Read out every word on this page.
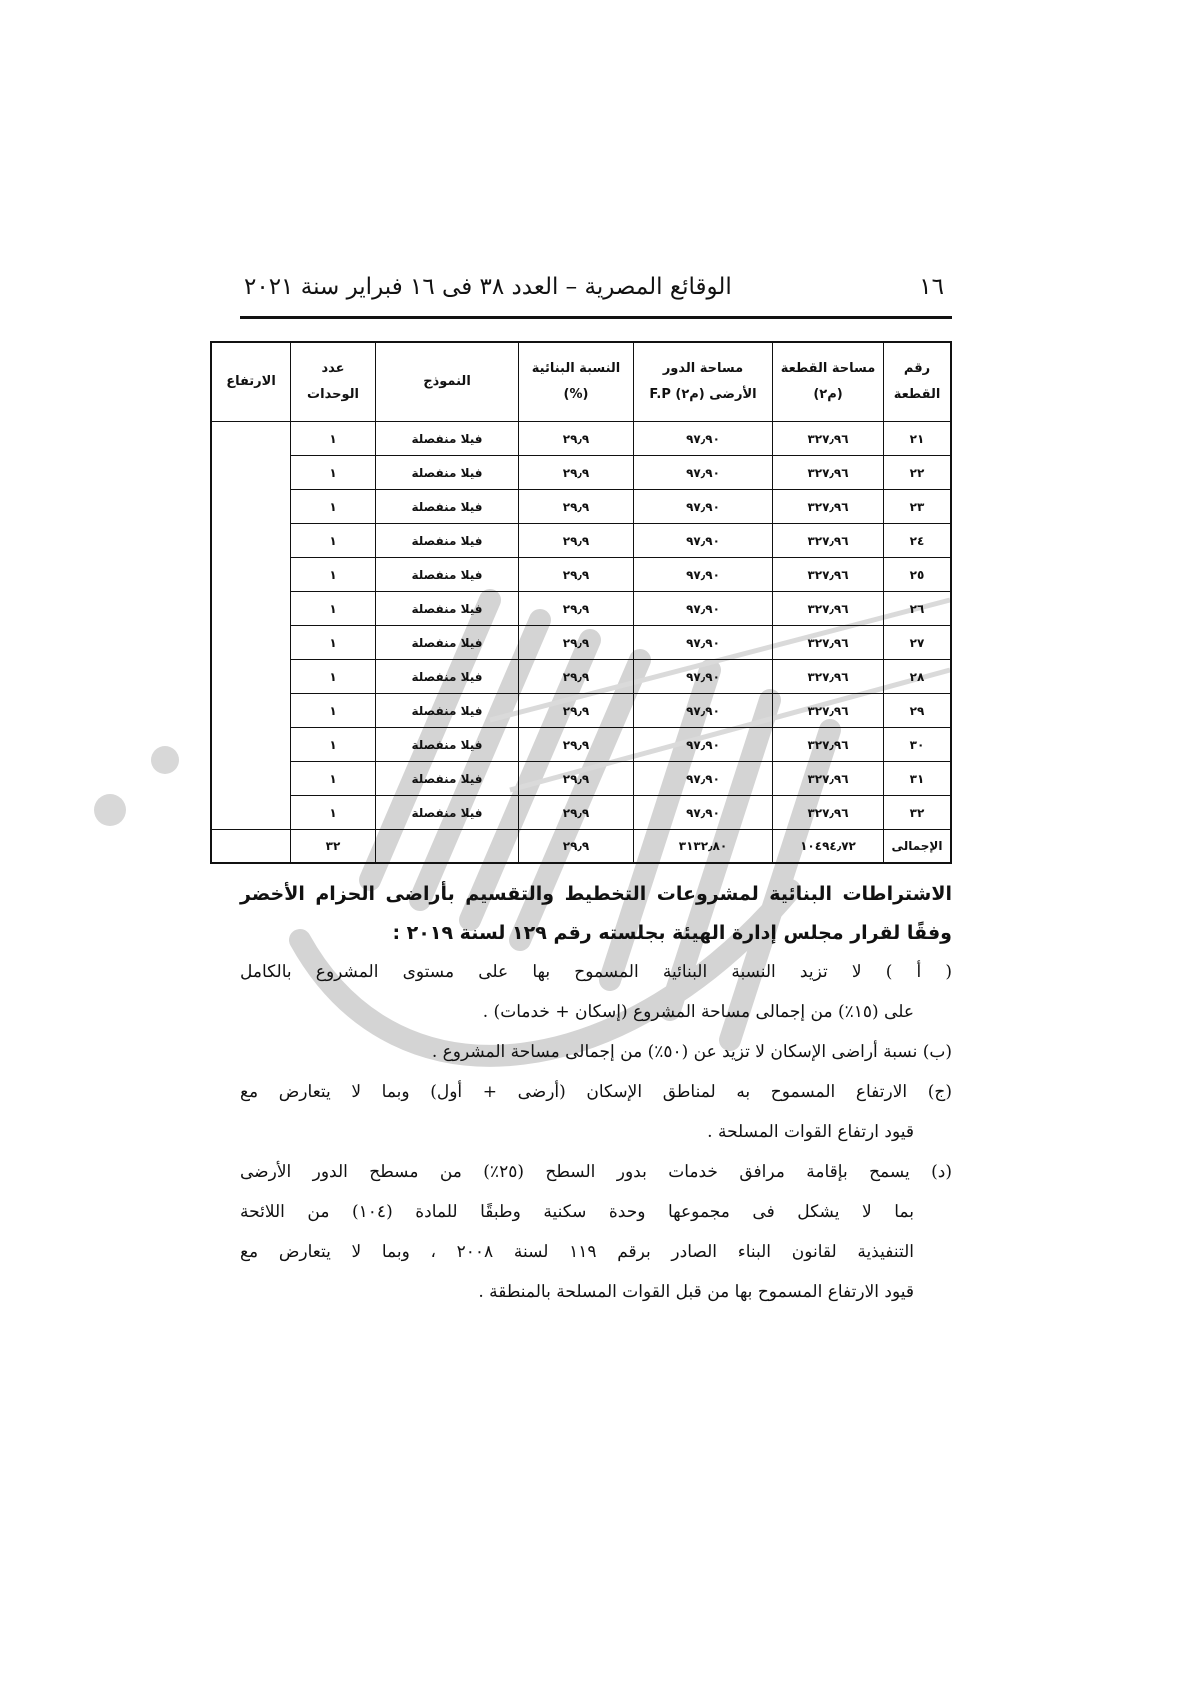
١٦
الوقائع المصرية – العدد ٣٨ فى ١٦ فبراير سنة ٢٠٢١
رقم القطعة	مساحة القطعة (م٢)	مساحة الدور الأرضى (م٢) F.P	النسبة البنائية (%)	النموذج	عدد الوحدات	الارتفاع
٢١	٣٢٧٫٩٦	٩٧٫٩٠	٢٩٫٩	فيلا منفصلة	١	
٢٢	٣٢٧٫٩٦	٩٧٫٩٠	٢٩٫٩	فيلا منفصلة	١	
٢٣	٣٢٧٫٩٦	٩٧٫٩٠	٢٩٫٩	فيلا منفصلة	١	
٢٤	٣٢٧٫٩٦	٩٧٫٩٠	٢٩٫٩	فيلا منفصلة	١	
٢٥	٣٢٧٫٩٦	٩٧٫٩٠	٢٩٫٩	فيلا منفصلة	١	
٢٦	٣٢٧٫٩٦	٩٧٫٩٠	٢٩٫٩	فيلا منفصلة	١	
٢٧	٣٢٧٫٩٦	٩٧٫٩٠	٢٩٫٩	فيلا منفصلة	١	
٢٨	٣٢٧٫٩٦	٩٧٫٩٠	٢٩٫٩	فيلا منفصلة	١	
٢٩	٣٢٧٫٩٦	٩٧٫٩٠	٢٩٫٩	فيلا منفصلة	١	
٣٠	٣٢٧٫٩٦	٩٧٫٩٠	٢٩٫٩	فيلا منفصلة	١	
٣١	٣٢٧٫٩٦	٩٧٫٩٠	٢٩٫٩	فيلا منفصلة	١	
٣٢	٣٢٧٫٩٦	٩٧٫٩٠	٢٩٫٩	فيلا منفصلة	١	
الإجمالى	١٠٤٩٤٫٧٢	٣١٣٢٫٨٠	٢٩٫٩		٣٢	
الاشتراطات البنائية لمشروعات التخطيط والتقسيم بأراضى الحزام الأخضر
وفقًا لقرار مجلس إدارة الهيئة بجلسته رقم ١٢٩ لسنة ٢٠١٩ :
( أ ) لا تزيد النسبة البنائية المسموح بها على مستوى المشروع بالكامل
على (١٥٪) من إجمالى مساحة المشروع (إسكان + خدمات) .
(ب) نسبة أراضى الإسكان لا تزيد عن (٥٠٪) من إجمالى مساحة المشروع .
(ج) الارتفاع المسموح به لمناطق الإسكان (أرضى + أول) وبما لا يتعارض مع
قيود ارتفاع القوات المسلحة .
(د) يسمح بإقامة مرافق خدمات بدور السطح (٢٥٪) من مسطح الدور الأرضى
بما لا يشكل فى مجموعها وحدة سكنية وطبقًا للمادة (١٠٤) من اللائحة
التنفيذية لقانون البناء الصادر برقم ١١٩ لسنة ٢٠٠٨ ، وبما لا يتعارض مع
قيود الارتفاع المسموح بها من قبل القوات المسلحة بالمنطقة .
